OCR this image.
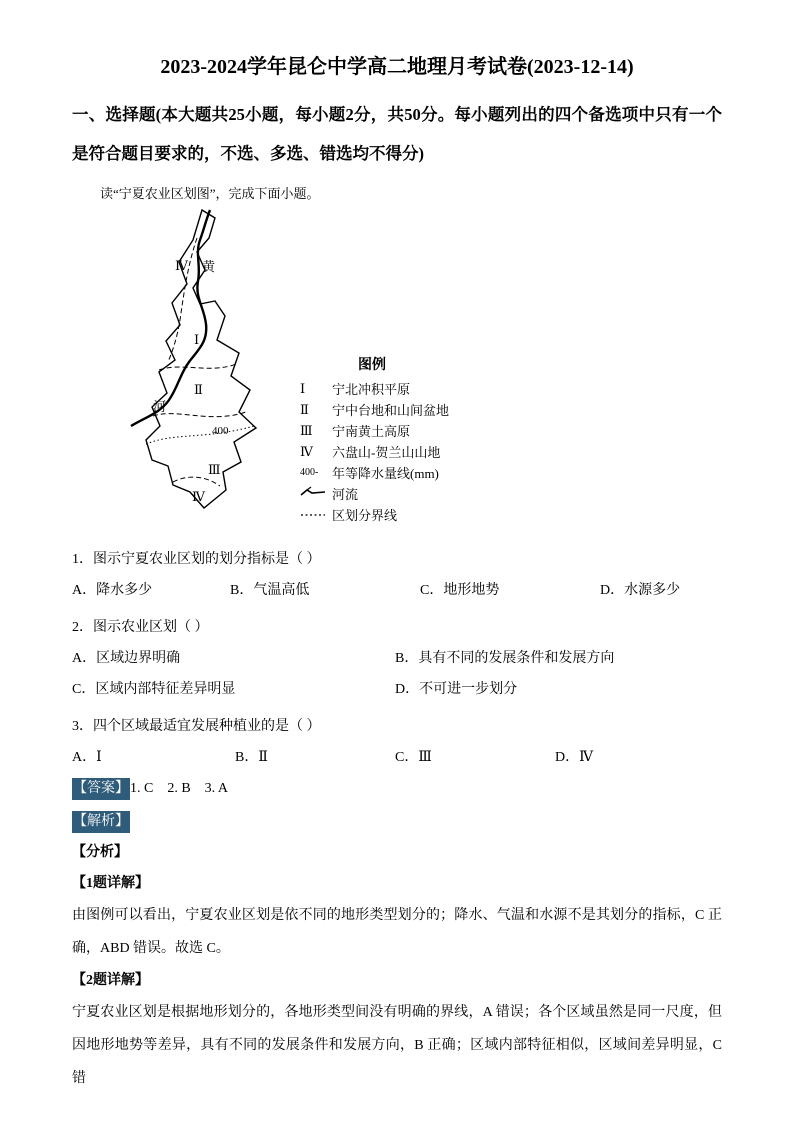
2023-2024学年昆仑中学高二地理月考试卷(2023-12-14)
一、选择题(本大题共25小题，每小题2分，共50分。每小题列出的四个备选项中只有一个是符合题目要求的，不选、多选、错选均不得分)
读“宁夏农业区划图”，完成下面小题。
Ⅳ 黄
Ⅰ
Ⅱ
河
400
Ⅲ
Ⅳ
图例
Ⅰ	宁北冲积平原
Ⅱ	宁中台地和山间盆地
Ⅲ	宁南黄土高原
Ⅳ	六盘山-贺兰山山地
400-	年等降水量线(mm)
河流
区划分界线
1．图示宁夏农业区划的划分指标是（ ）
A．降水多少	B．气温高低	C．地形地势	D．水源多少
2．图示农业区划（ ）
A．区域边界明确	B．具有不同的发展条件和发展方向
C．区域内部特征差异明显	D．不可进一步划分
3．四个区域最适宜发展种植业的是（ ）
A．Ⅰ	B．Ⅱ	C．Ⅲ	D．Ⅳ
【答案】1. C    2. B    3. A
【解析】
【分析】
【1题详解】
由图例可以看出，宁夏农业区划是依不同的地形类型划分的；降水、气温和水源不是其划分的指标，C 正确，ABD 错误。故选 C。
【2题详解】
宁夏农业区划是根据地形划分的，各地形类型间没有明确的界线，A 错误；各个区域虽然是同一尺度，但因地形地势等差异，具有不同的发展条件和发展方向，B 正确；区域内部特征相似，区域间差异明显，C 错
